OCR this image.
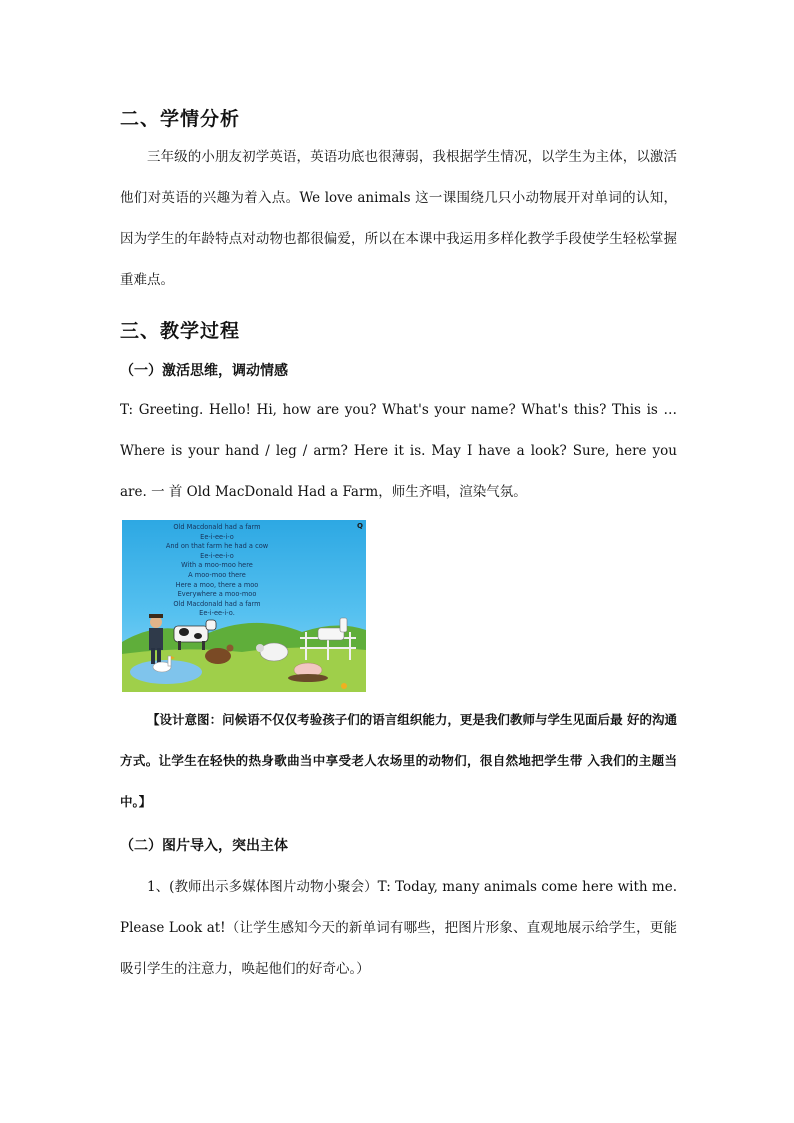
二、学情分析

三年级的小朋友初学英语，英语功底也很薄弱，我根据学生情况，以学生为主体，以激活他们对英语的兴趣为着入点。We love animals 这一课围绕几只小动物展开对单词的认知，因为学生的年龄特点对动物也都很偏爱，所以在本课中我运用多样化教学手段使学生轻松掌握重难点。

三、教学过程
（一）激活思维，调动情感

T: Greeting. Hello! Hi, how are you? What's your name? What's this? This is … Where is your hand / leg / arm? Here it is. May I have a look? Sure, here you are. 一 首 Old MacDonald Had a Farm，师生齐唱，渲染气氛。

Old Macdonald had a farm
Ee-i-ee-i-o
And on that farm he had a cow
Ee-i-ee-i-o
With a moo-moo here
A moo-moo there
Here a moo, there a moo
Everywhere a moo-moo
Old Macdonald had a farm
Ee-i-ee-i-o.
Q

【设计意图：问候语不仅仅考验孩子们的语言组织能力，更是我们教师与学生见面后最 好的沟通方式。让学生在轻快的热身歌曲当中享受老人农场里的动物们，很自然地把学生带 入我们的主题当中。】

（二）图片导入，突出主体

1、(教师出示多媒体图片动物小聚会）T: Today, many animals come here with me. Please Look at!（让学生感知今天的新单词有哪些，把图片形象、直观地展示给学生，更能吸引学生的注意力，唤起他们的好奇心。）
